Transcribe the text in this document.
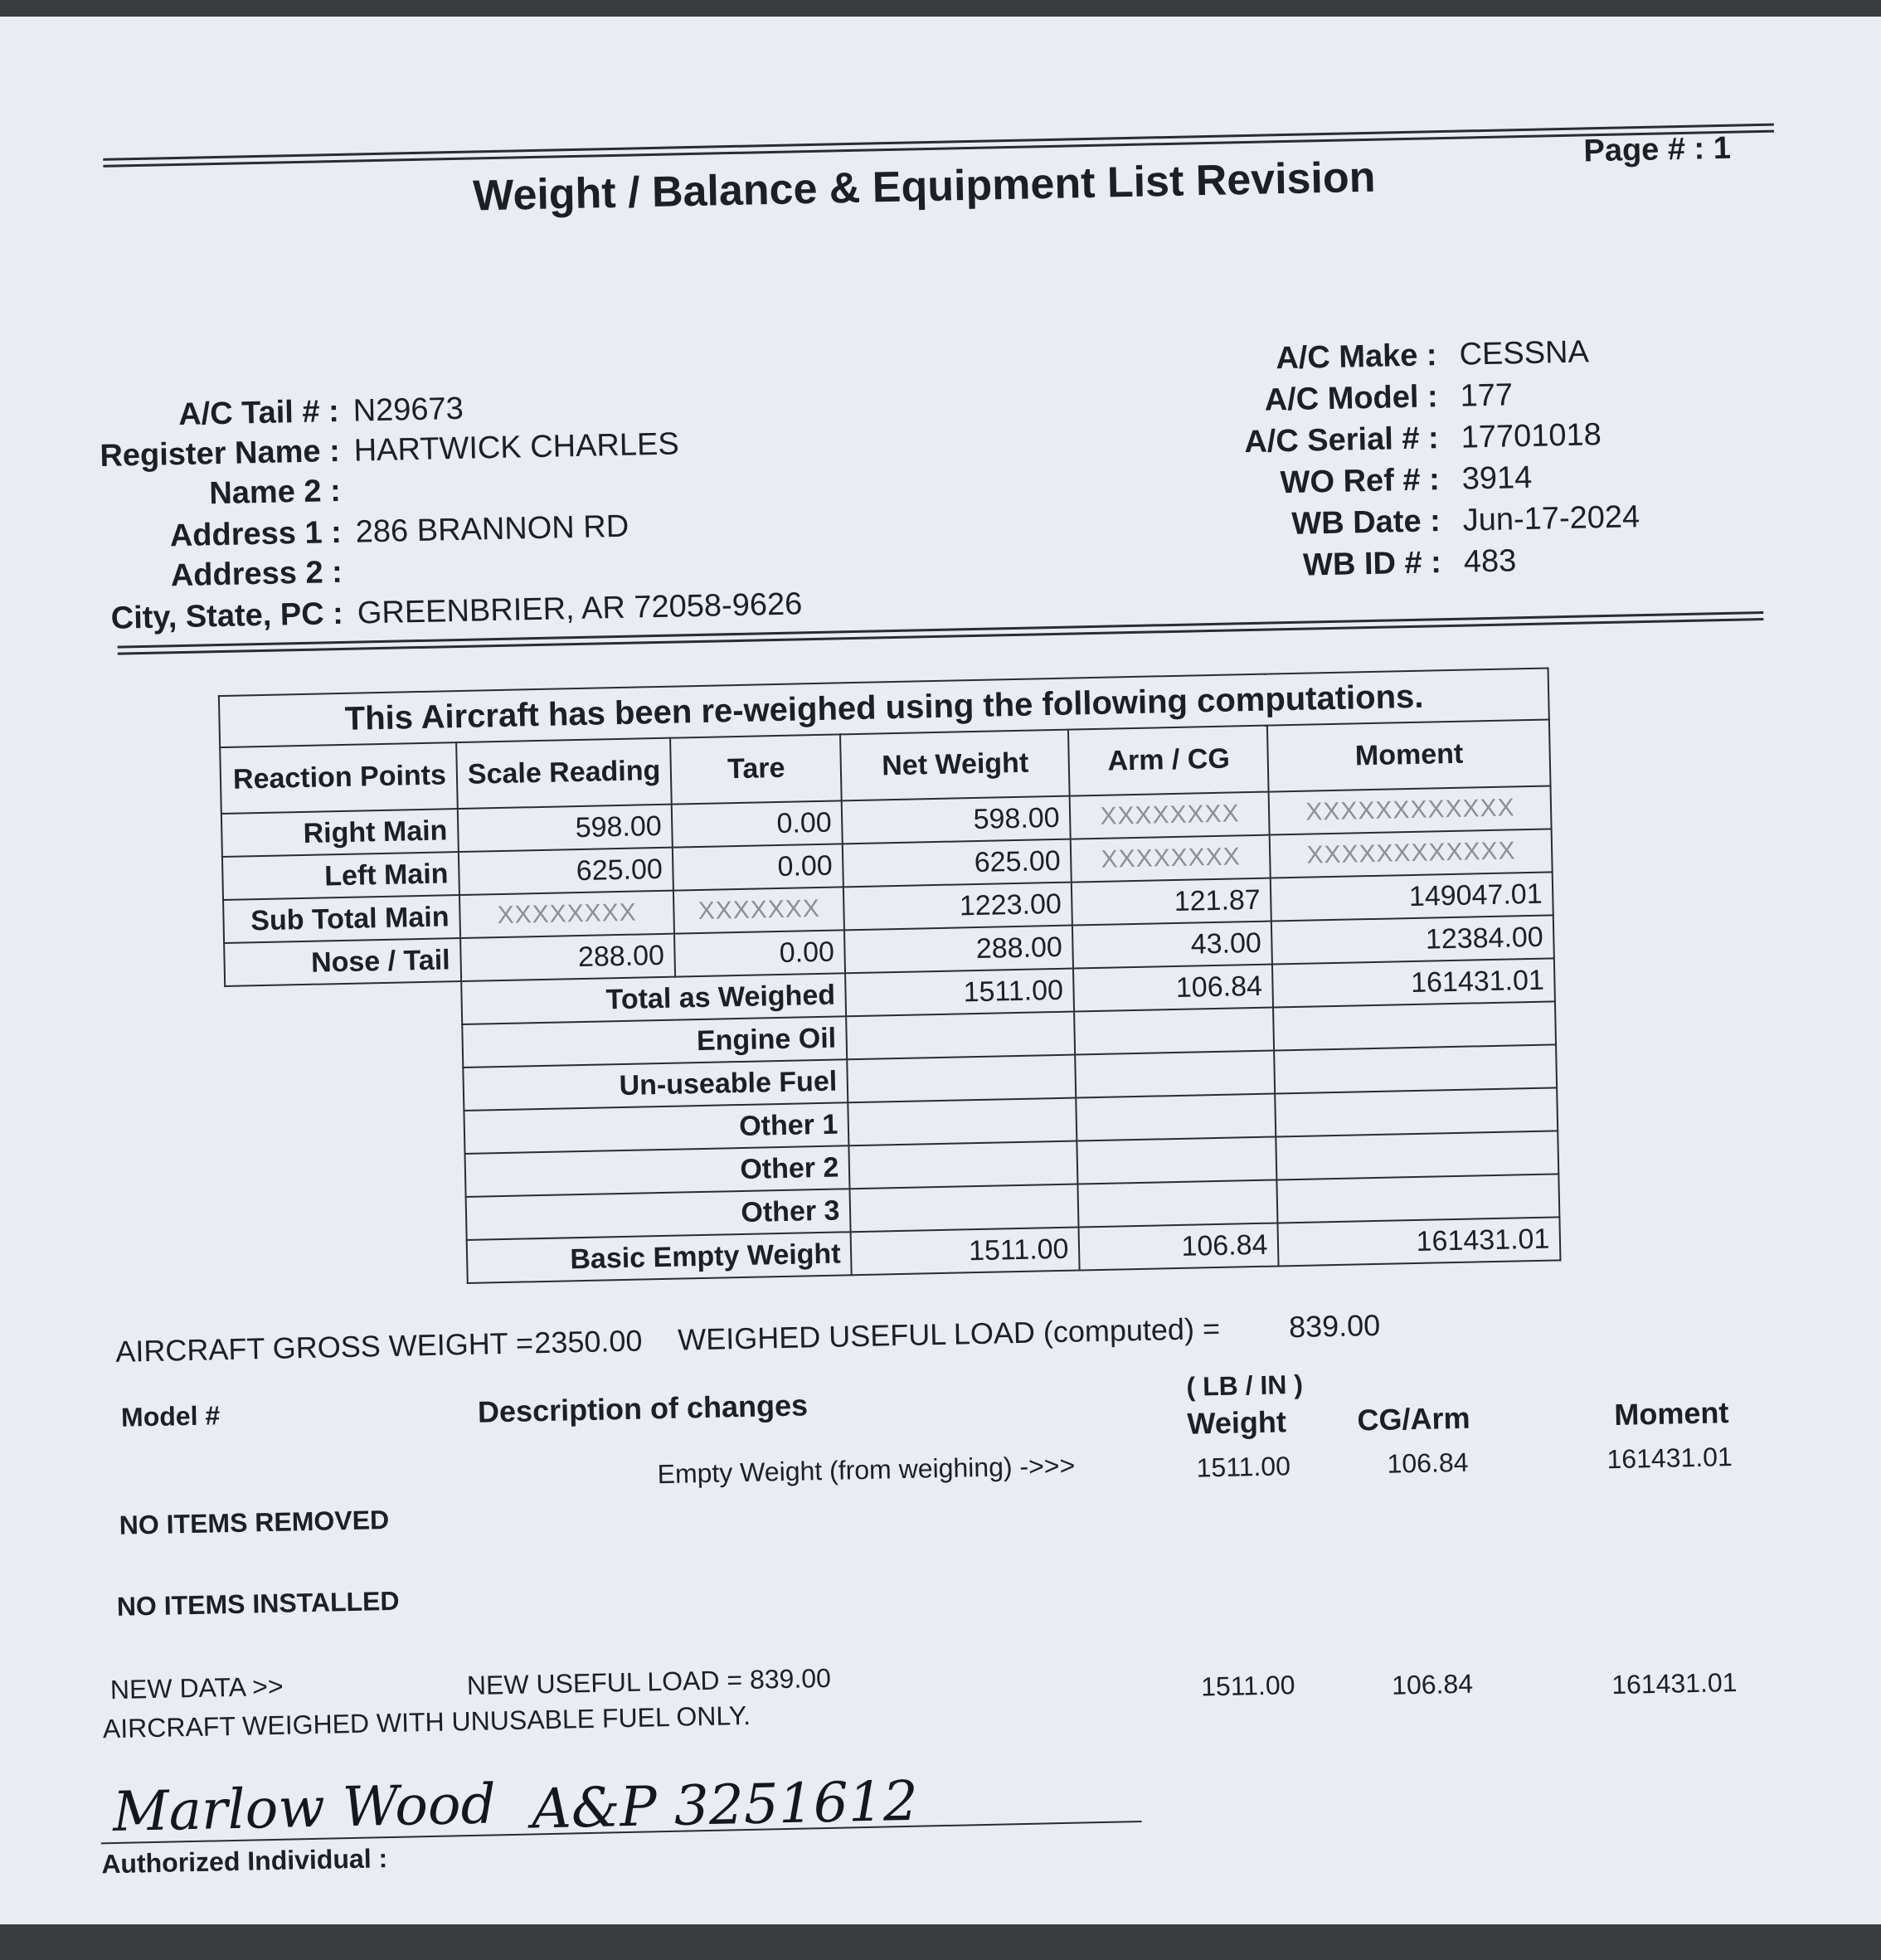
Weight / Balance & Equipment List Revision
Page # : 1
A/C Tail # : N29673
Register Name : HARTWICK CHARLES
Name 2 :
Address 1 : 286 BRANNON RD
Address 2 :
City, State, PC : GREENBRIER, AR 72058-9626
A/C Make : CESSNA
A/C Model : 177
A/C Serial # : 17701018
WO Ref # : 3914
WB Date : Jun-17-2024
WB ID # : 483
This Aircraft has been re-weighed using the following computations.					
Reaction Points	Scale Reading	Tare	Net Weight	Arm / CG	Moment
Right Main	598.00	0.00	598.00	XXXXXXXX	XXXXXXXXXXXX
Left Main	625.00	0.00	625.00	XXXXXXXX	XXXXXXXXXXXX
Sub Total Main	XXXXXXXX	XXXXXXX	1223.00	121.87	149047.01
Nose / Tail	288.00	0.00	288.00	43.00	12384.00
	Total as Weighed		1511.00	106.84	161431.01
	Engine Oil				
	Un-useable Fuel				
	Other 1				
	Other 2				
	Other 3				
	Basic Empty Weight		1511.00	106.84	161431.01
AIRCRAFT GROSS WEIGHT = 2350.00 WEIGHED USEFUL LOAD (computed) = 839.00
Model #	Description of changes
( LB / IN )
Weight CG/Arm	Moment
Empty Weight (from weighing) ->>>	1511.00	106.84	161431.01
NO ITEMS REMOVED
NO ITEMS INSTALLED
NEW DATA >>	NEW USEFUL LOAD = 839.00	1511.00	106.84	161431.01
AIRCRAFT WEIGHED WITH UNUSABLE FUEL ONLY.
Marlow Wood A&P 3251612
Authorized Individual :
